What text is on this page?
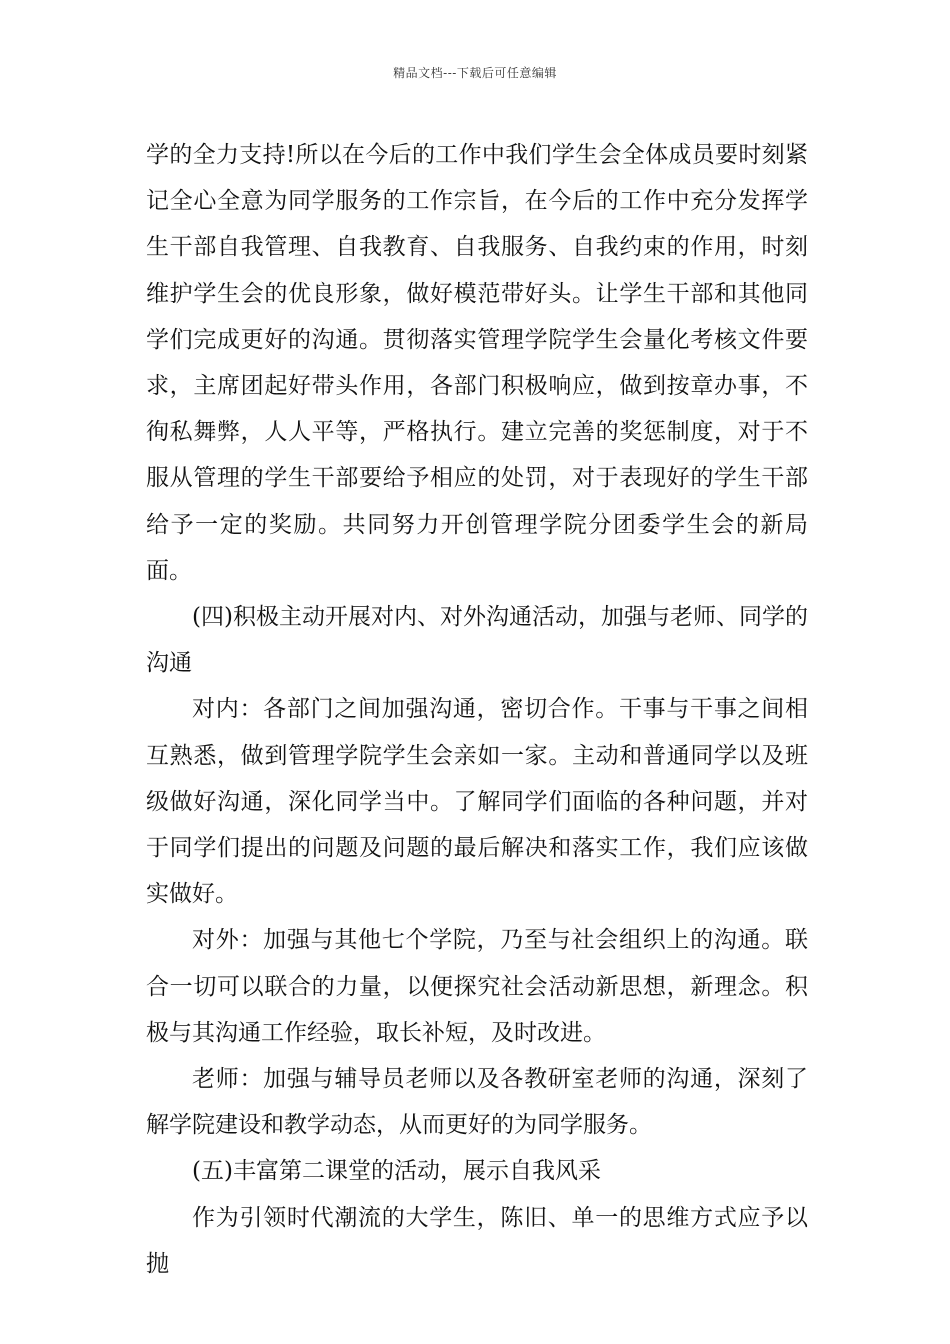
精品文档---下载后可任意编辑

学的全力支持!所以在今后的工作中我们学生会全体成员要时刻紧记全心全意为同学服务的工作宗旨，在今后的工作中充分发挥学生干部自我管理、自我教育、自我服务、自我约束的作用，时刻维护学生会的优良形象，做好模范带好头。让学生干部和其他同学们完成更好的沟通。贯彻落实管理学院学生会量化考核文件要求，主席团起好带头作用，各部门积极响应，做到按章办事，不徇私舞弊，人人平等，严格执行。建立完善的奖惩制度，对于不服从管理的学生干部要给予相应的处罚，对于表现好的学生干部给予一定的奖励。共同努力开创管理学院分团委学生会的新局面。

(四)积极主动开展对内、对外沟通活动，加强与老师、同学的沟通

对内：各部门之间加强沟通，密切合作。干事与干事之间相互熟悉，做到管理学院学生会亲如一家。主动和普通同学以及班级做好沟通，深化同学当中。了解同学们面临的各种问题，并对于同学们提出的问题及问题的最后解决和落实工作，我们应该做实做好。

对外：加强与其他七个学院，乃至与社会组织上的沟通。联合一切可以联合的力量，以便探究社会活动新思想，新理念。积极与其沟通工作经验，取长补短，及时改进。

老师：加强与辅导员老师以及各教研室老师的沟通，深刻了解学院建设和教学动态，从而更好的为同学服务。

(五)丰富第二课堂的活动，展示自我风采

作为引领时代潮流的大学生，陈旧、单一的思维方式应予以抛
